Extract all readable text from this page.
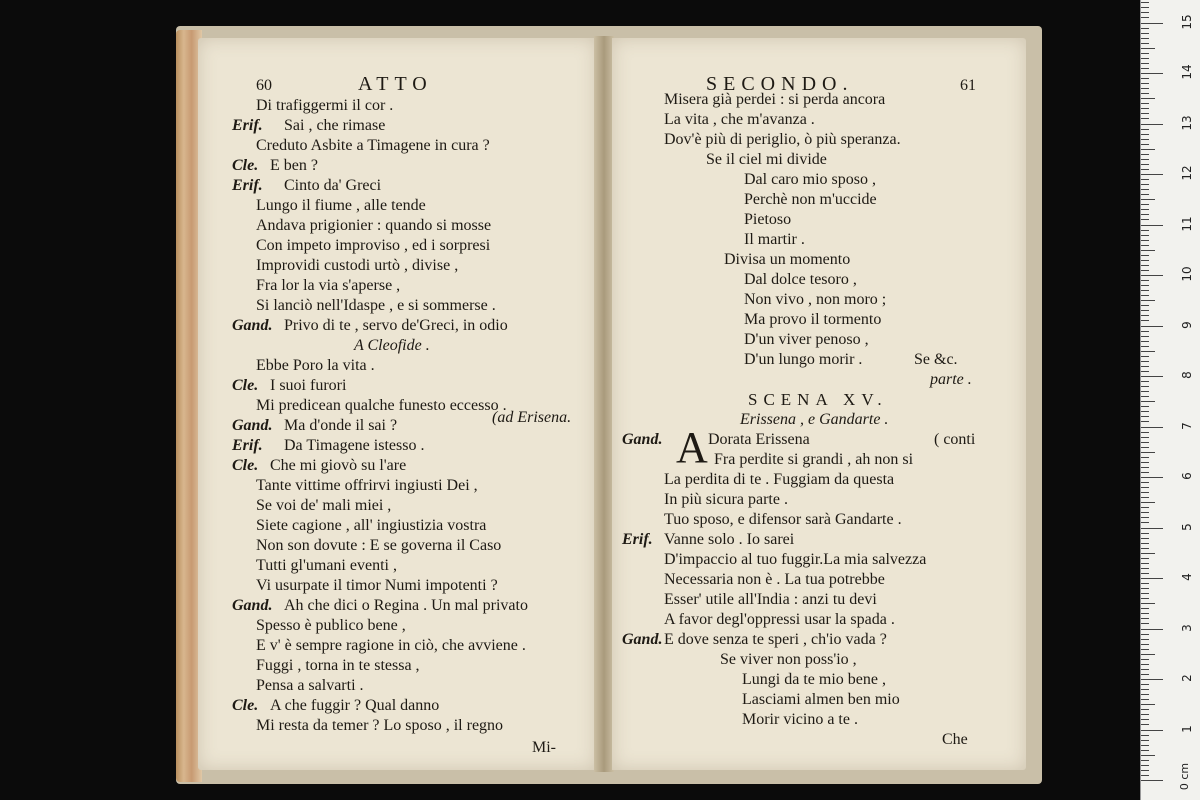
60	ATTO
Di trafiggermi il cor .
Erif. Sai , che rimase
Creduto Asbite a Timagene in cura ?
Cle. E ben ?
Erif. Cinto da' Greci
Lungo il fiume , alle tende
Andava prigionier : quando si mosse
Con impeto improviso , ed i sorpresi
Improvidi custodi urtò , divise ,
Fra lor la via s'aperse ,
Si lanciò nell'Idaspe , e si sommerse .
Gand. Privo di te , servo de'Greci, in odio
A Cleofide .
Ebbe Poro la vita .
Cle. I suoi furori
Mi predicean qualche funesto eccesso .
Gand. Ma d'onde il sai ?
Erif. Da Timagene istesso .
Cle. Che mi giovò su l'are
Tante vittime offrirvi ingiusti Dei ,
Se voi de' mali miei ,
Siete cagione , all' ingiustizia vostra
Non son dovute : E se governa il Caso
Tutti gl'umani eventi ,
Vi usurpate il timor Numi impotenti ?
Gand. Ah che dici o Regina . Un mal privato
Spesso è publico bene ,
E v' è sempre ragione in ciò, che avviene .
Fuggi , torna in te stessa ,
Pensa a salvarti .
Cle. A che fuggir ? Qual danno
Mi resta da temer ? Lo sposo , il regno
(ad Erisena.
Mi-
SECONDO.	61
Misera già perdei : si perda ancora
La vita , che m'avanza .
Dov'è più di periglio, ò più speranza.
Se il ciel mi divide
Dal caro mio sposo ,
Perchè non m'uccide
Pietoso
Il martir .
Divisa un momento
Dal dolce tesoro ,
Non vivo , non moro ;
Ma provo il tormento
D'un viver penoso ,
D'un lungo morir .	Se &c.
parte .
SCENA XV.
Erissena , e Gandarte .
Gand. A Dorata Erissena	( conti
Fra perdite si grandi , ah non si
La perdita di te . Fuggiam da questa
In più sicura parte .
Tuo sposo, e difensor sarà Gandarte .
Erif. Vanne solo . Io sarei
D'impaccio al tuo fuggir.La mia salvezza
Necessaria non è . La tua potrebbe
Esser' utile all'India : anzi tu devi
A favor degl'oppressi usar la spada .
Gand. E dove senza te speri , ch'io vada ?
Se viver non poss'io ,
Lungi da te mio bene ,
Lasciami almen ben mio
Morir vicino a te .
Che
1
2
3
4
5
6
7
8
9
10
11
12
13
14
15
0 cm
